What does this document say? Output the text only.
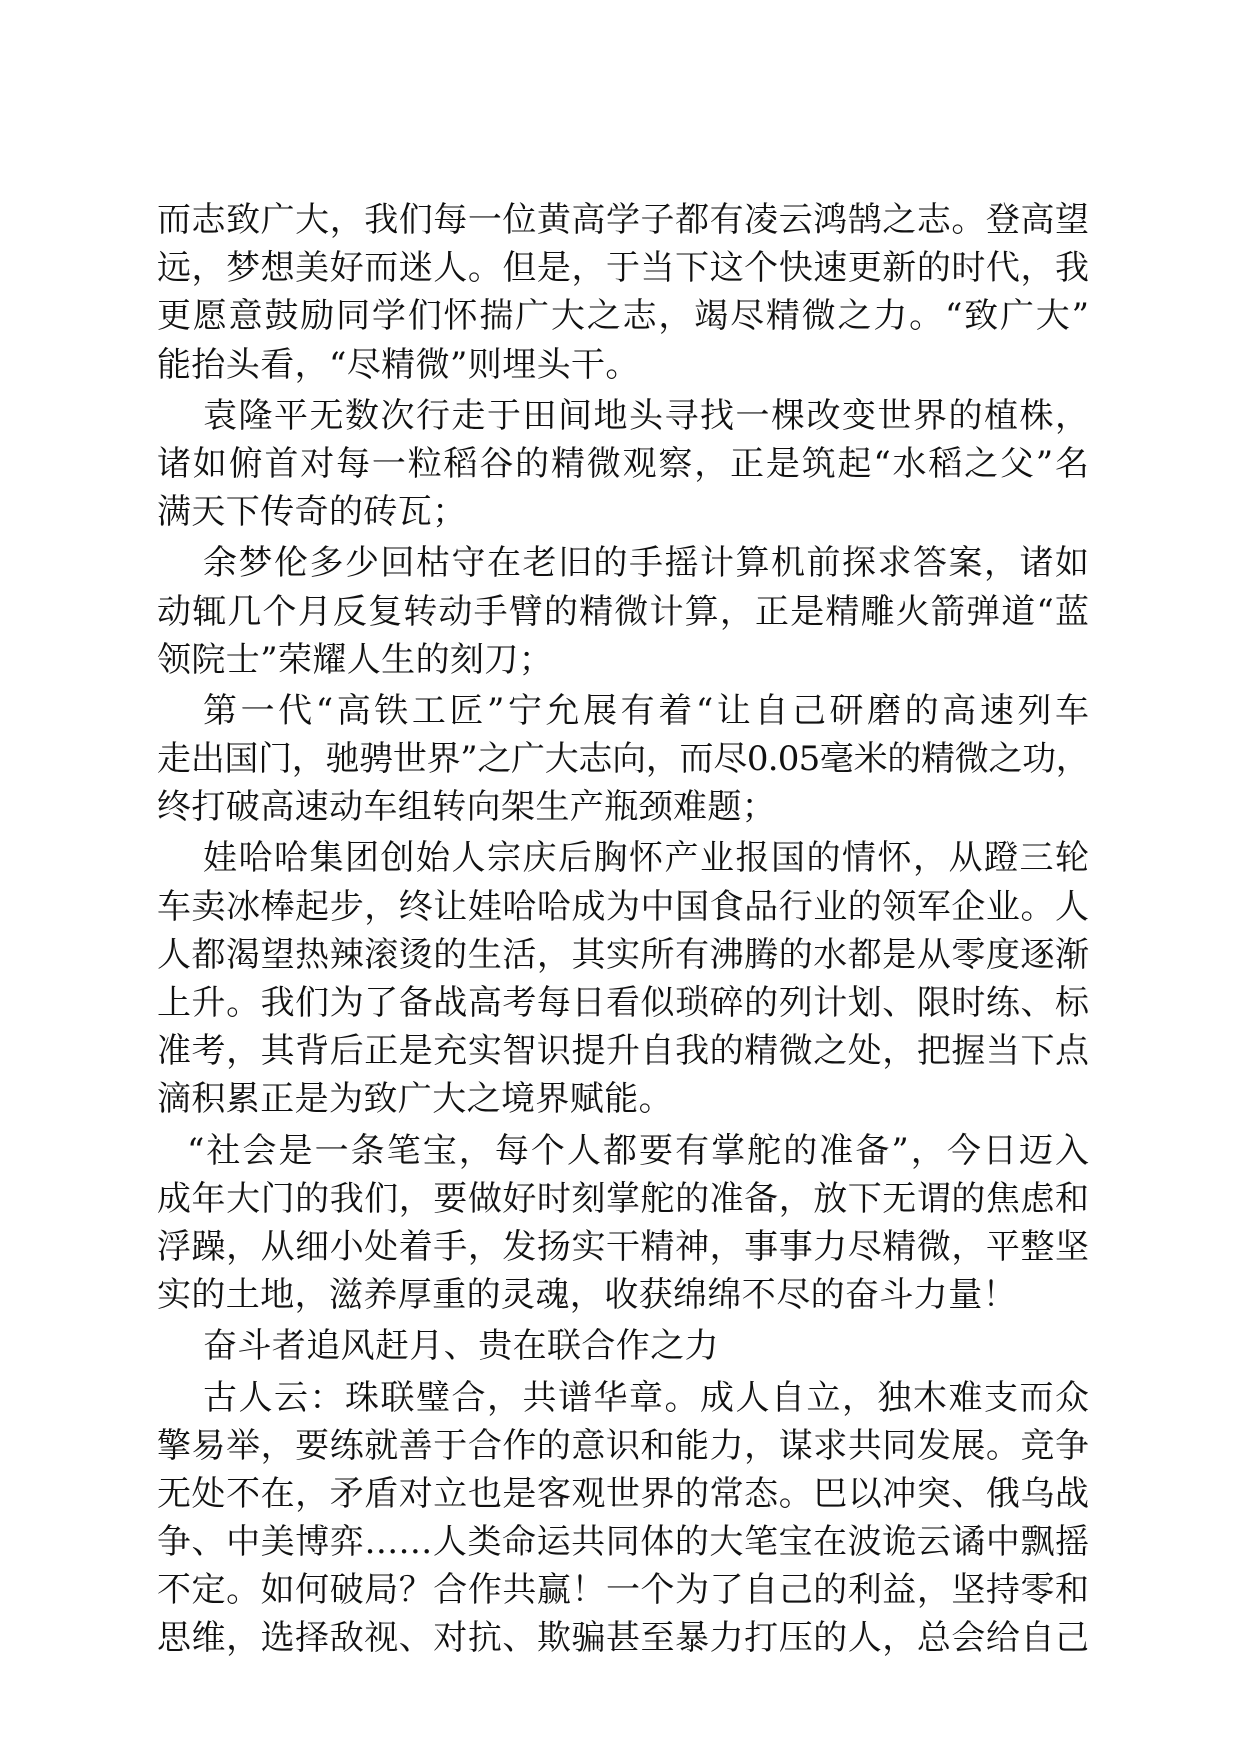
而志致广大，我们每一位黄高学子都有凌云鸿鹄之志。登高望
远，梦想美好而迷人。但是，于当下这个快速更新的时代，我
更愿意鼓励同学们怀揣广大之志，竭尽精微之力。“致广大”
能抬头看，“尽精微”则埋头干。
袁隆平无数次行走于田间地头寻找一棵改变世界的植株，
诸如俯首对每一粒稻谷的精微观察，正是筑起“水稻之父”名
满天下传奇的砖瓦；
余梦伦多少回枯守在老旧的手摇计算机前探求答案，诸如
动辄几个月反复转动手臂的精微计算，正是精雕火箭弹道“蓝
领院士”荣耀人生的刻刀；
第一代“高铁工匠”宁允展有着“让自己研磨的高速列车
走出国门，驰骋世界”之广大志向，而尽0.05毫米的精微之功，
终打破高速动车组转向架生产瓶颈难题；
娃哈哈集团创始人宗庆后胸怀产业报国的情怀，从蹬三轮
车卖冰棒起步，终让娃哈哈成为中国食品行业的领军企业。人
人都渴望热辣滚烫的生活，其实所有沸腾的水都是从零度逐渐
上升。我们为了备战高考每日看似琐碎的列计划、限时练、标
准考，其背后正是充实智识提升自我的精微之处，把握当下点
滴积累正是为致广大之境界赋能。
“社会是一条笔宝，每个人都要有掌舵的准备”，今日迈入
成年大门的我们，要做好时刻掌舵的准备，放下无谓的焦虑和
浮躁，从细小处着手，发扬实干精神，事事力尽精微，平整坚
实的土地，滋养厚重的灵魂，收获绵绵不尽的奋斗力量！
奋斗者追风赶月、贵在联合作之力
古人云：珠联璧合，共谱华章。成人自立，独木难支而众
擎易举，要练就善于合作的意识和能力，谋求共同发展。竞争
无处不在，矛盾对立也是客观世界的常态。巴以冲突、俄乌战
争、中美博弈……人类命运共同体的大笔宝在波诡云谲中飘摇
不定。如何破局？合作共赢！一个为了自己的利益，坚持零和
思维，选择敌视、对抗、欺骗甚至暴力打压的人，总会给自己
